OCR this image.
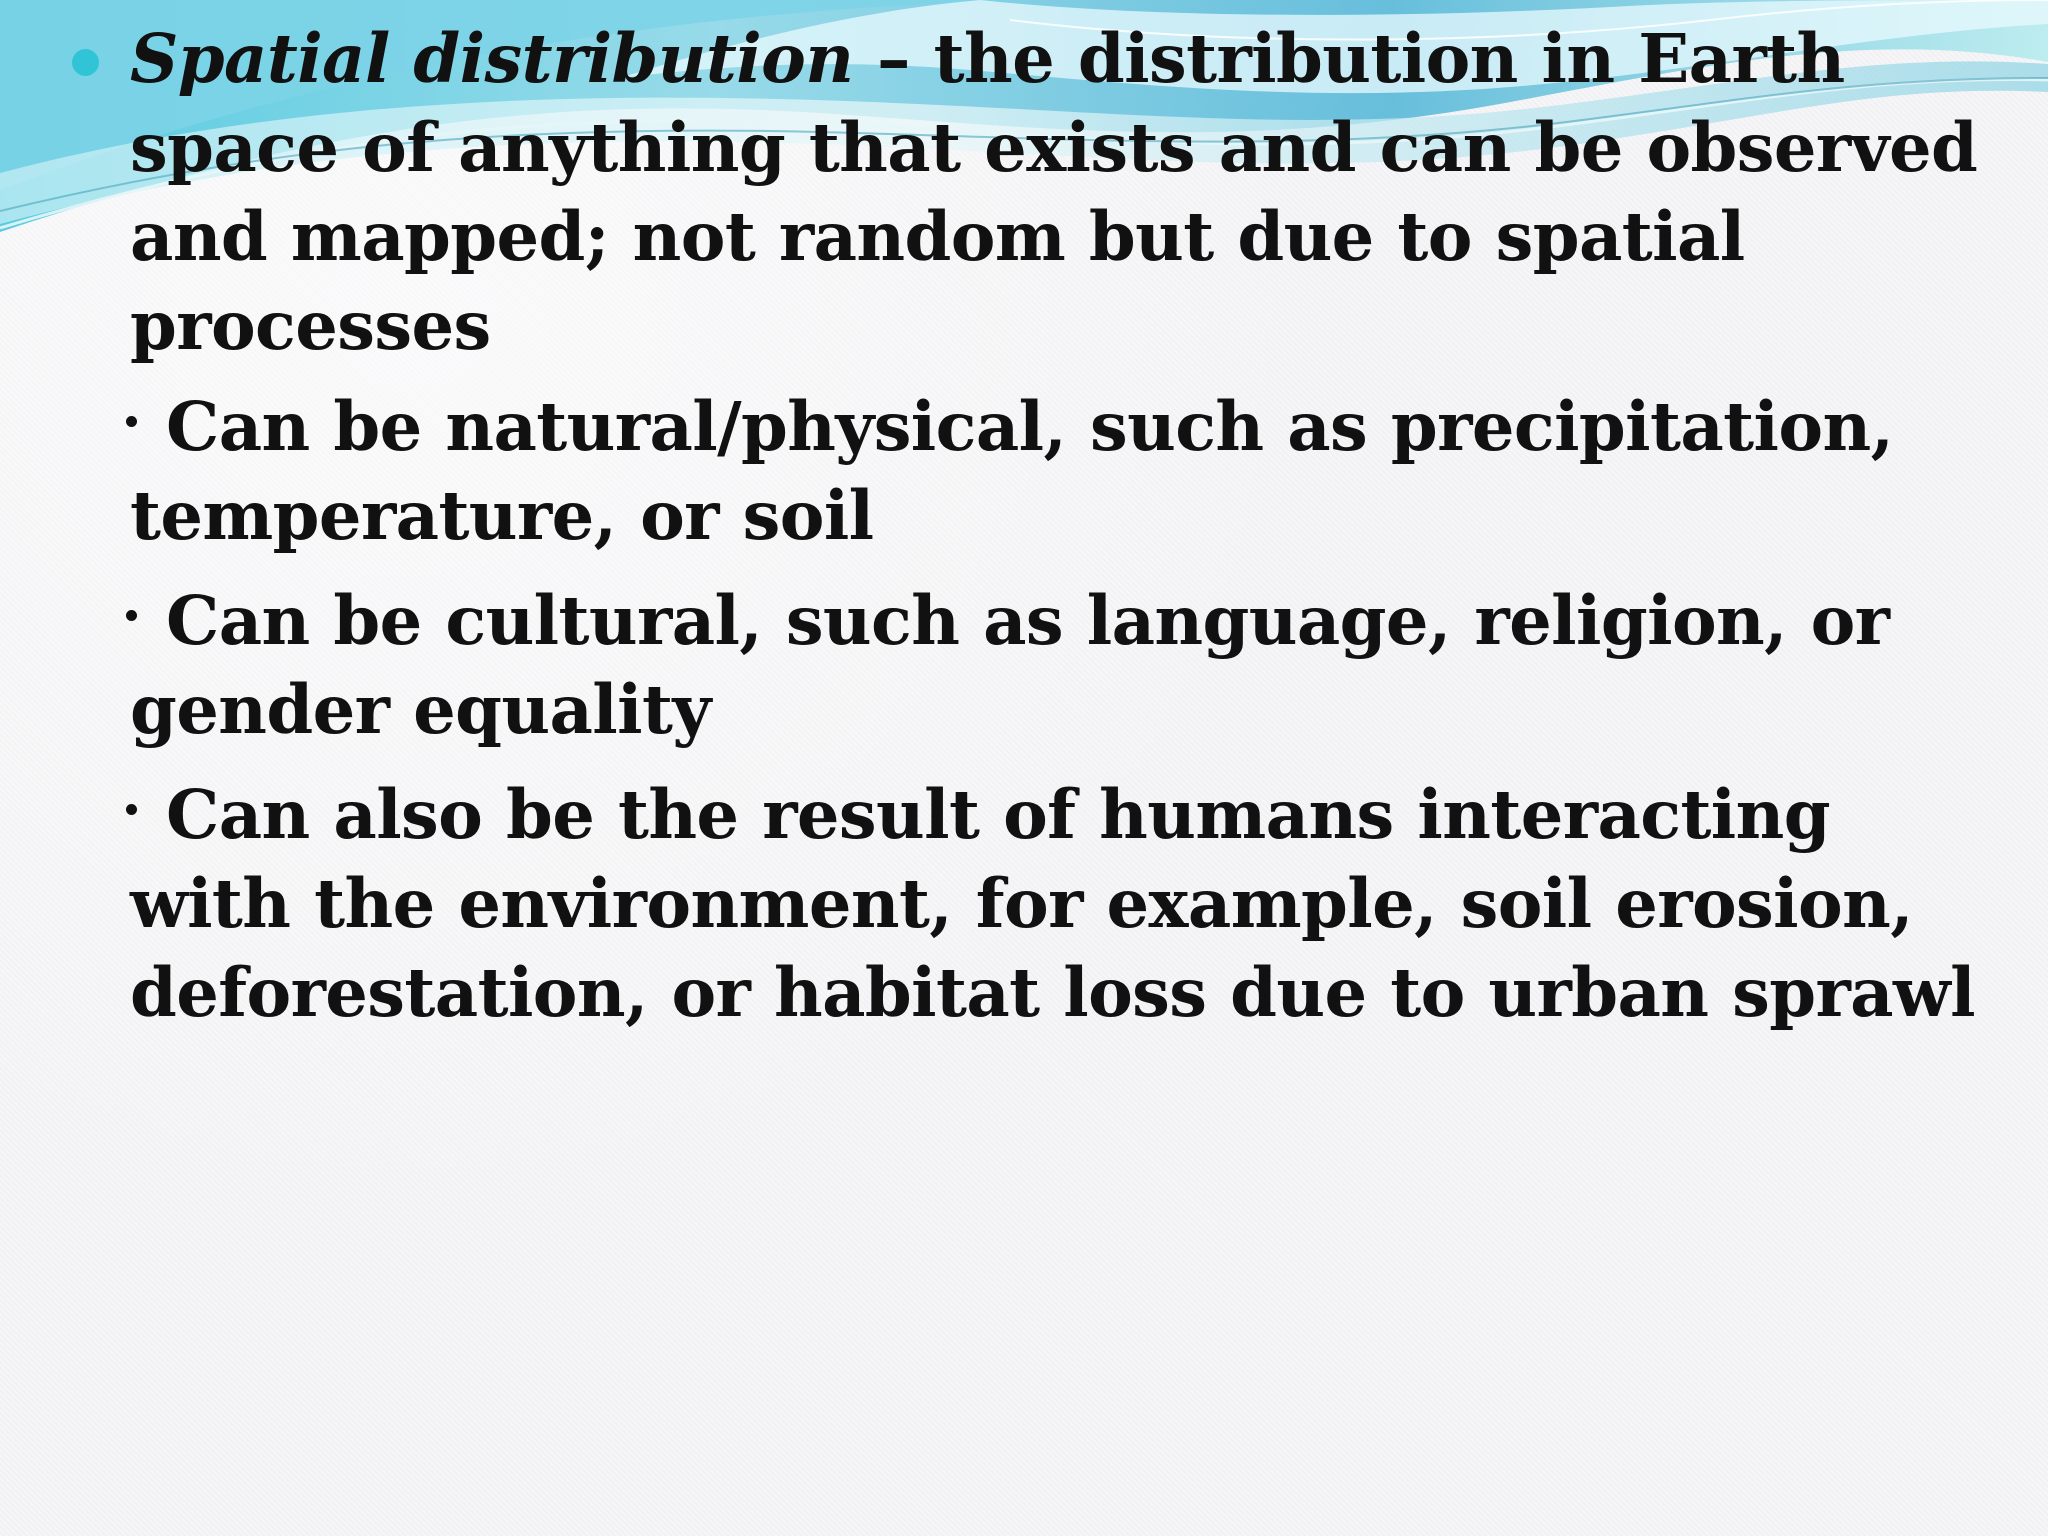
Spatial distribution – the distribution in Earth space of anything that exists and can be observed and mapped; not random but due to spatial processes
Can be natural/physical, such as precipitation, temperature, or soil
Can be cultural, such as language, religion, or gender equality
Can also be the result of humans interacting with the environment, for example, soil erosion, deforestation, or habitat loss due to urban sprawl
